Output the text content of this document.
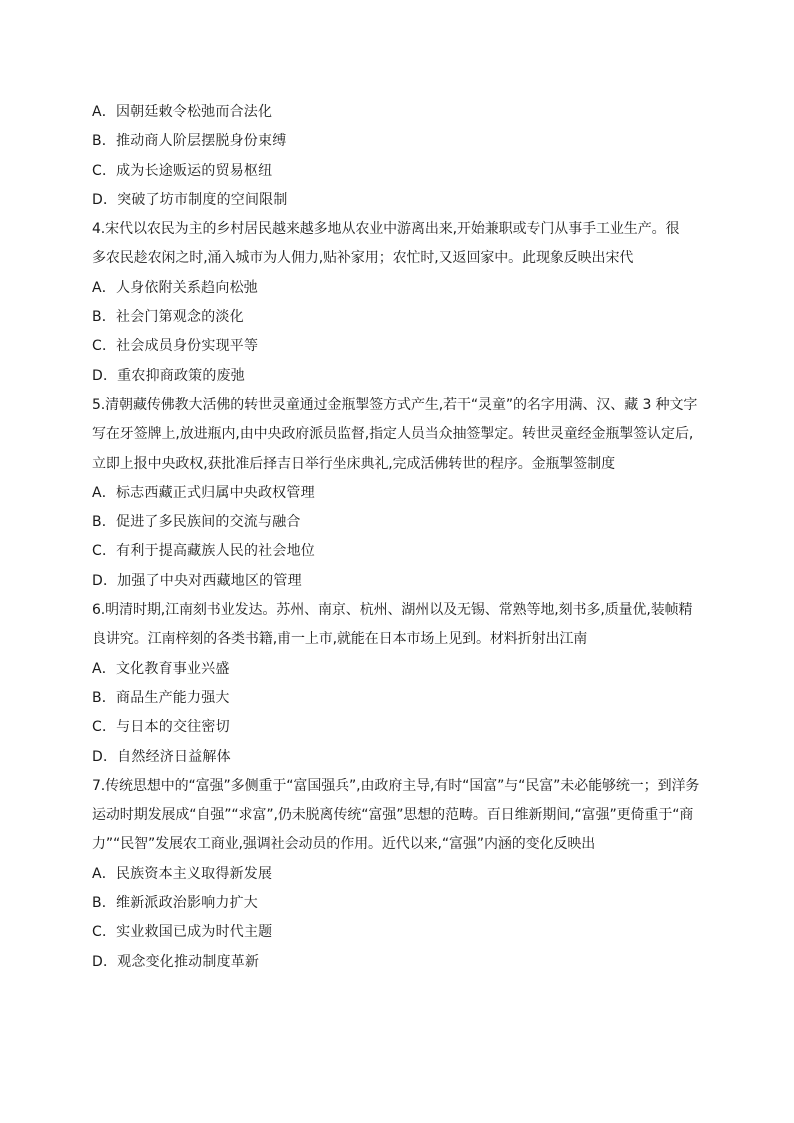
A．因朝廷敕令松弛而合法化
B．推动商人阶层摆脱身份束缚
C．成为长途贩运的贸易枢纽
D．突破了坊市制度的空间限制
4.宋代以农民为主的乡村居民越来越多地从农业中游离出来,开始兼职或专门从事手工业生产。很
多农民趁农闲之时,涌入城市为人佣力,贴补家用；农忙时,又返回家中。此现象反映出宋代
A．人身依附关系趋向松弛
B．社会门第观念的淡化
C．社会成员身份实现平等
D．重农抑商政策的废弛
5.清朝藏传佛教大活佛的转世灵童通过金瓶掣签方式产生,若干“灵童”的名字用满、汉、藏 3 种文字
写在牙签牌上,放进瓶内,由中央政府派员监督,指定人员当众抽签掣定。转世灵童经金瓶掣签认定后,
立即上报中央政权,获批准后择吉日举行坐床典礼,完成活佛转世的程序。金瓶掣签制度
A．标志西藏正式归属中央政权管理
B．促进了多民族间的交流与融合
C．有利于提高藏族人民的社会地位
D．加强了中央对西藏地区的管理
6.明清时期,江南刻书业发达。苏州、南京、杭州、湖州以及无锡、常熟等地,刻书多,质量优,装帧精
良讲究。江南梓刻的各类书籍,甫一上市,就能在日本市场上见到。材料折射出江南
A．文化教育事业兴盛
B．商品生产能力强大
C．与日本的交往密切
D．自然经济日益解体
7.传统思想中的“富强”多侧重于“富国强兵”,由政府主导,有时“国富”与“民富”未必能够统一；到洋务
运动时期发展成“自强”“求富”,仍未脱离传统“富强”思想的范畴。百日维新期间,“富强”更倚重于“商
力”“民智”发展农工商业,强调社会动员的作用。近代以来,“富强”内涵的变化反映出
A．民族资本主义取得新发展
B．维新派政治影响力扩大
C．实业救国已成为时代主题
D．观念变化推动制度革新
